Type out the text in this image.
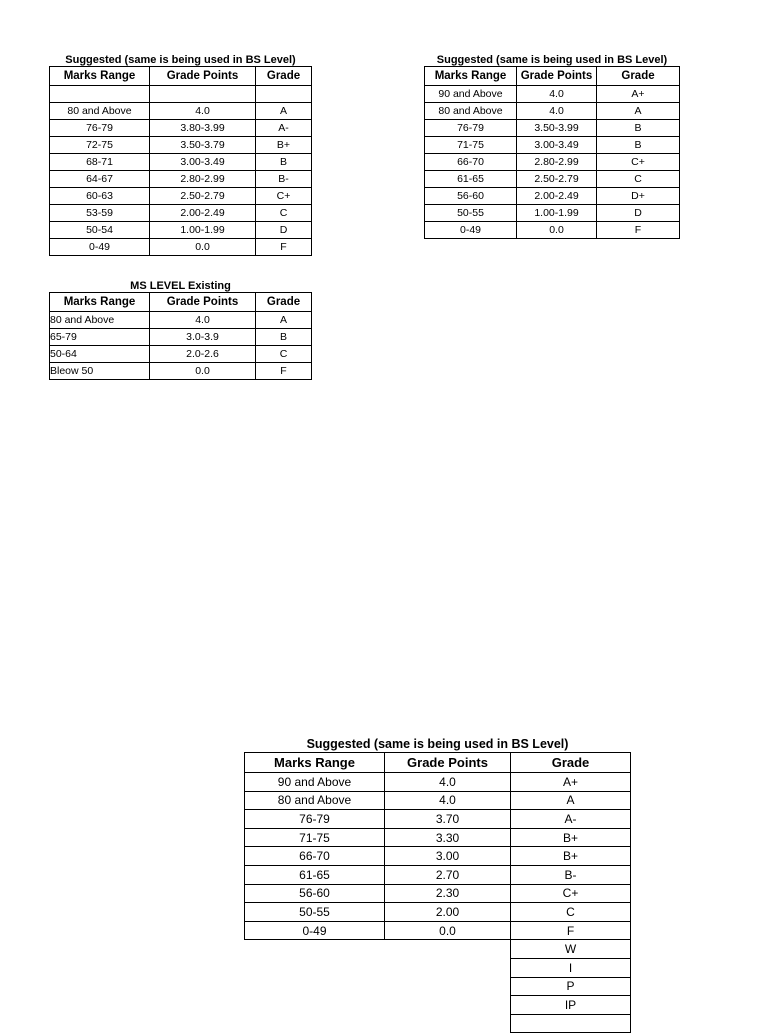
Suggested (same is being used in BS Level)
Marks Range	Grade Points	Grade

80 and Above	4.0	A
76-79	3.80-3.99	A-
72-75	3.50-3.79	B+
68-71	3.00-3.49	B
64-67	2.80-2.99	B-
60-63	2.50-2.79	C+
53-59	2.00-2.49	C
50-54	1.00-1.99	D
0-49	0.0	F
Suggested (same is being used in BS Level)
Marks Range	Grade Points	Grade
90 and Above	4.0	A+
80 and Above	4.0	A
76-79	3.50-3.99	B
71-75	3.00-3.49	B
66-70	2.80-2.99	C+
61-65	2.50-2.79	C
56-60	2.00-2.49	D+
50-55	1.00-1.99	D
0-49	0.0	F
MS LEVEL Existing
Marks Range	Grade Points	Grade
80 and Above	4.0	A
65-79	3.0-3.9	B
50-64	2.0-2.6	C
Bleow 50	0.0	F
Suggested (same is being used in BS Level)
Marks Range	Grade Points	Grade
90 and Above	4.0	A+
80 and Above	4.0	A
76-79	3.70	A-
71-75	3.30	B+
66-70	3.00	B+
61-65	2.70	B-
56-60	2.30	C+
50-55	2.00	C
0-49	0.0	F
		W
		I
		P
		IP
